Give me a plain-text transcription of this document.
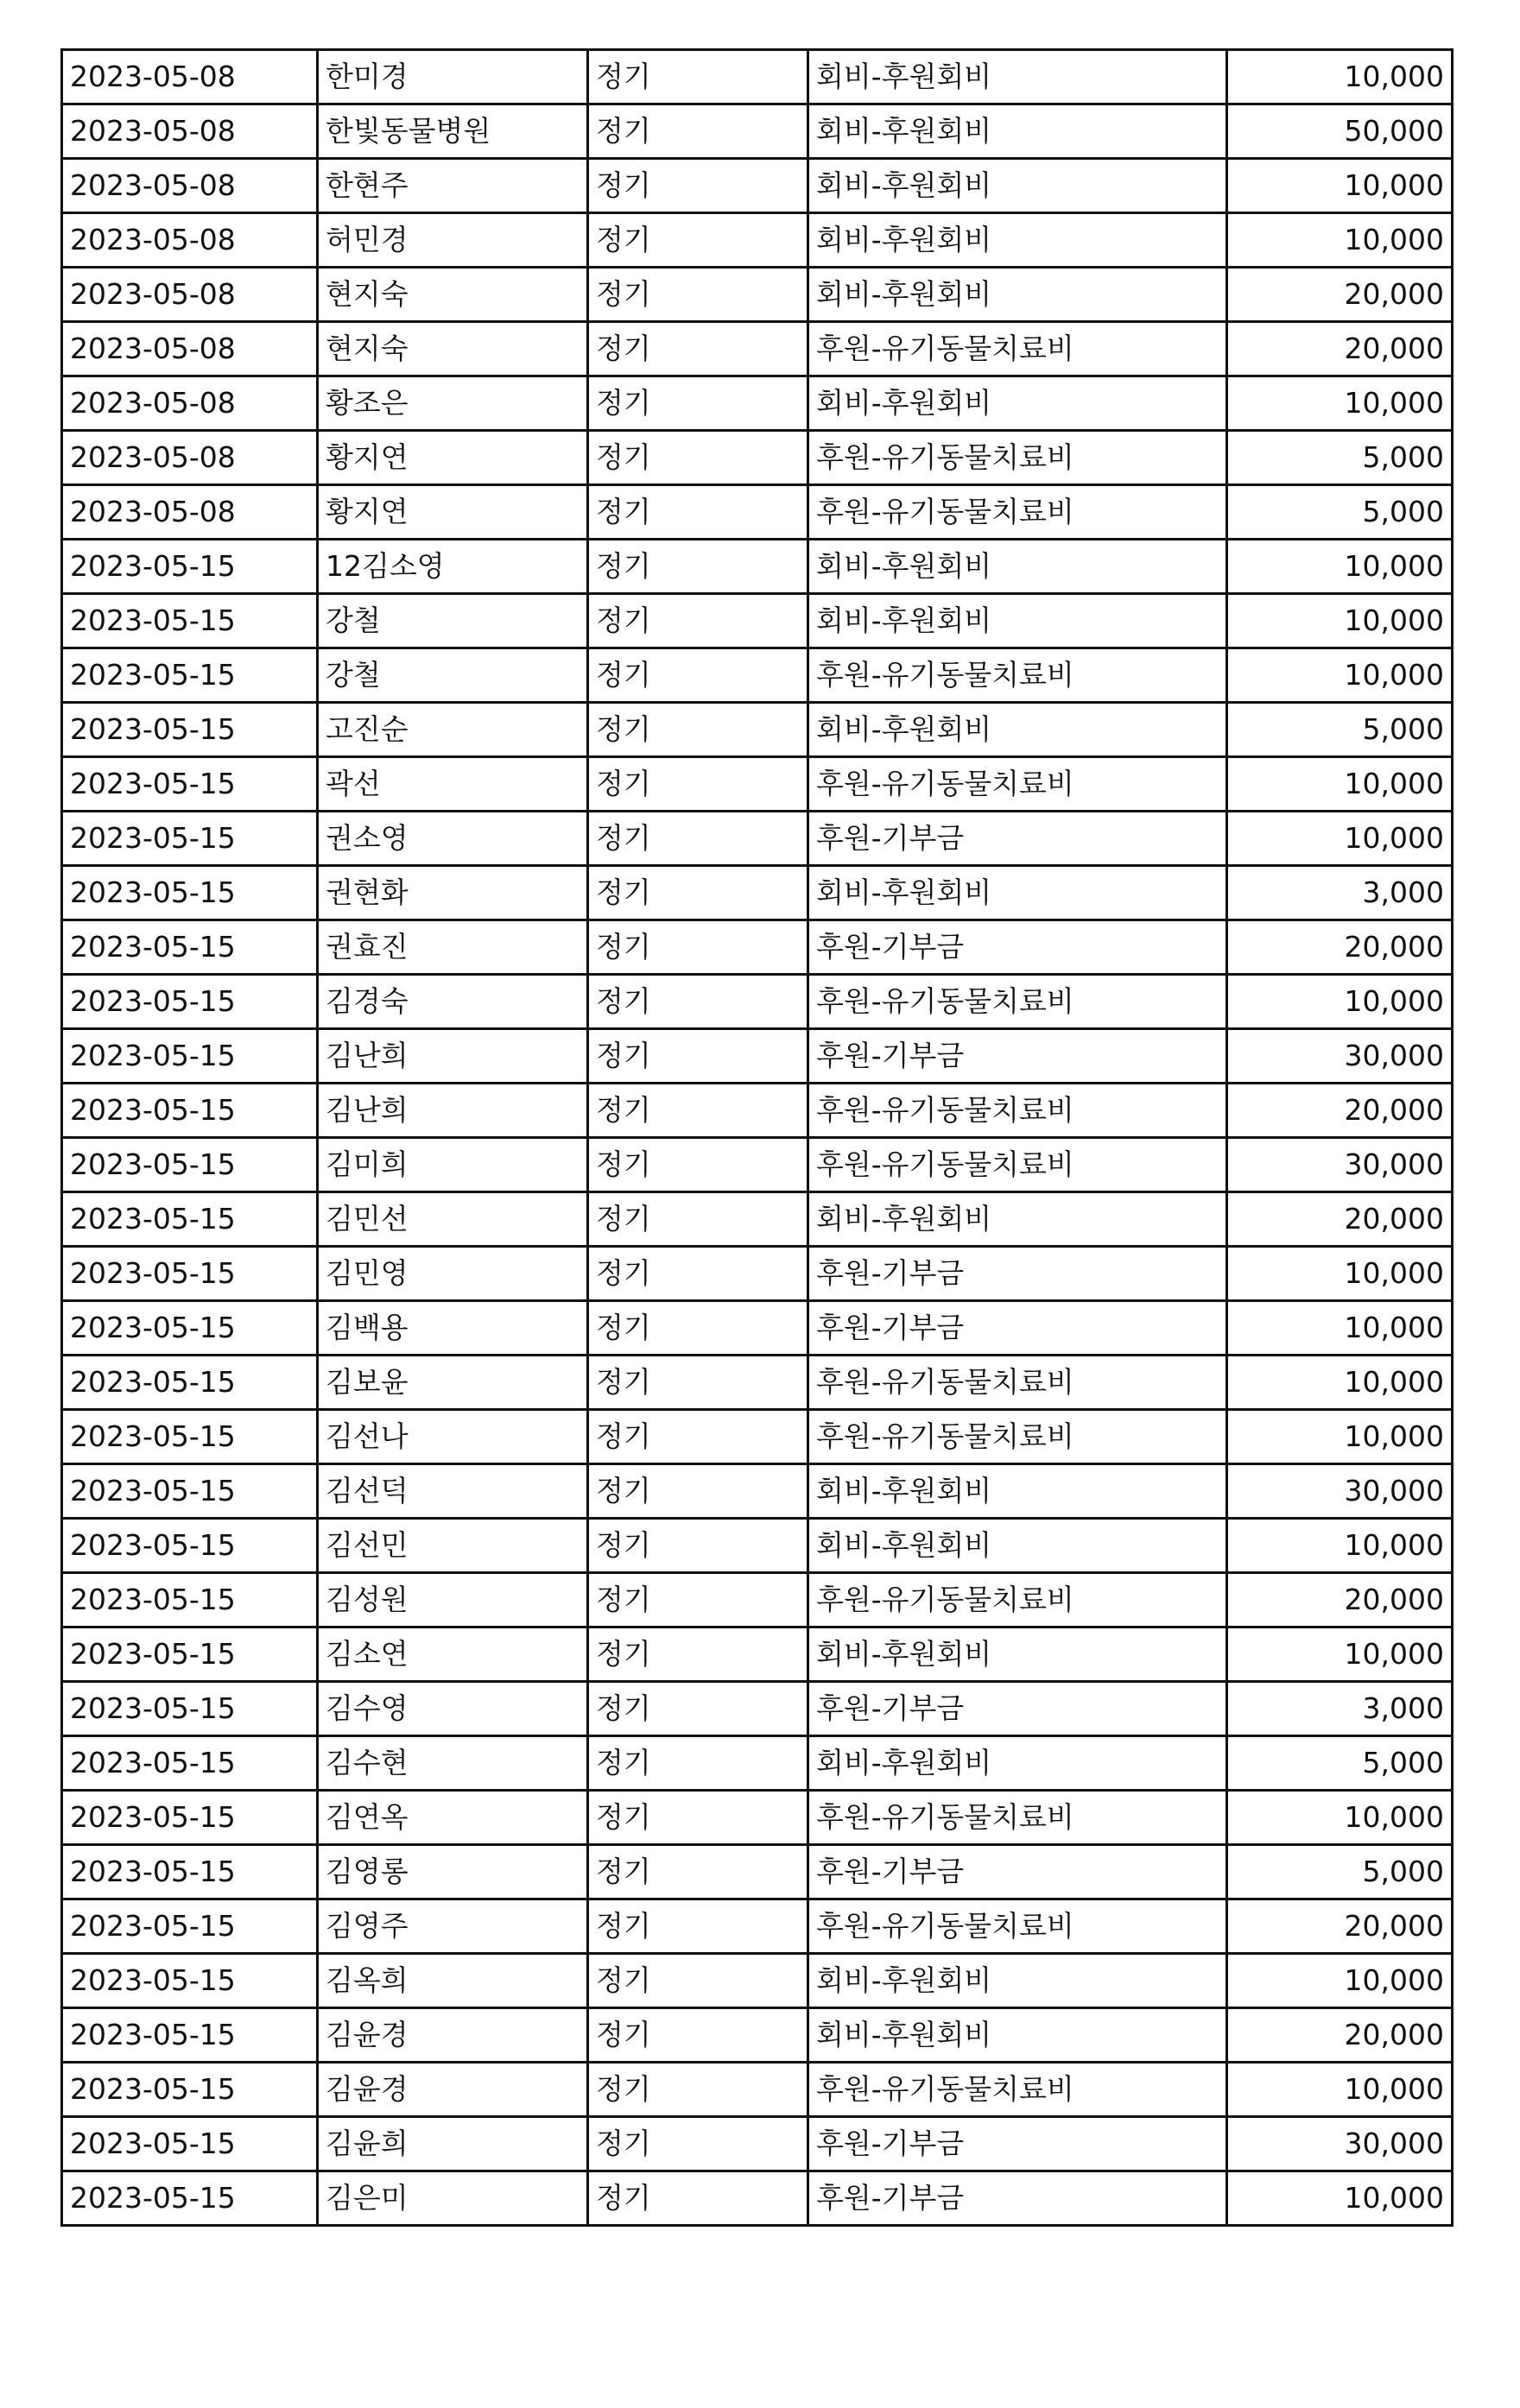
2023-05-08	한미경	정기	회비-후원회비	10,000
2023-05-08	한빛동물병원	정기	회비-후원회비	50,000
2023-05-08	한현주	정기	회비-후원회비	10,000
2023-05-08	허민경	정기	회비-후원회비	10,000
2023-05-08	현지숙	정기	회비-후원회비	20,000
2023-05-08	현지숙	정기	후원-유기동물치료비	20,000
2023-05-08	황조은	정기	회비-후원회비	10,000
2023-05-08	황지연	정기	후원-유기동물치료비	5,000
2023-05-08	황지연	정기	후원-유기동물치료비	5,000
2023-05-15	12김소영	정기	회비-후원회비	10,000
2023-05-15	강철	정기	회비-후원회비	10,000
2023-05-15	강철	정기	후원-유기동물치료비	10,000
2023-05-15	고진순	정기	회비-후원회비	5,000
2023-05-15	곽선	정기	후원-유기동물치료비	10,000
2023-05-15	권소영	정기	후원-기부금	10,000
2023-05-15	권현화	정기	회비-후원회비	3,000
2023-05-15	권효진	정기	후원-기부금	20,000
2023-05-15	김경숙	정기	후원-유기동물치료비	10,000
2023-05-15	김난희	정기	후원-기부금	30,000
2023-05-15	김난희	정기	후원-유기동물치료비	20,000
2023-05-15	김미희	정기	후원-유기동물치료비	30,000
2023-05-15	김민선	정기	회비-후원회비	20,000
2023-05-15	김민영	정기	후원-기부금	10,000
2023-05-15	김백용	정기	후원-기부금	10,000
2023-05-15	김보윤	정기	후원-유기동물치료비	10,000
2023-05-15	김선나	정기	후원-유기동물치료비	10,000
2023-05-15	김선덕	정기	회비-후원회비	30,000
2023-05-15	김선민	정기	회비-후원회비	10,000
2023-05-15	김성원	정기	후원-유기동물치료비	20,000
2023-05-15	김소연	정기	회비-후원회비	10,000
2023-05-15	김수영	정기	후원-기부금	3,000
2023-05-15	김수현	정기	회비-후원회비	5,000
2023-05-15	김연옥	정기	후원-유기동물치료비	10,000
2023-05-15	김영롱	정기	후원-기부금	5,000
2023-05-15	김영주	정기	후원-유기동물치료비	20,000
2023-05-15	김옥희	정기	회비-후원회비	10,000
2023-05-15	김윤경	정기	회비-후원회비	20,000
2023-05-15	김윤경	정기	후원-유기동물치료비	10,000
2023-05-15	김윤희	정기	후원-기부금	30,000
2023-05-15	김은미	정기	후원-기부금	10,000
